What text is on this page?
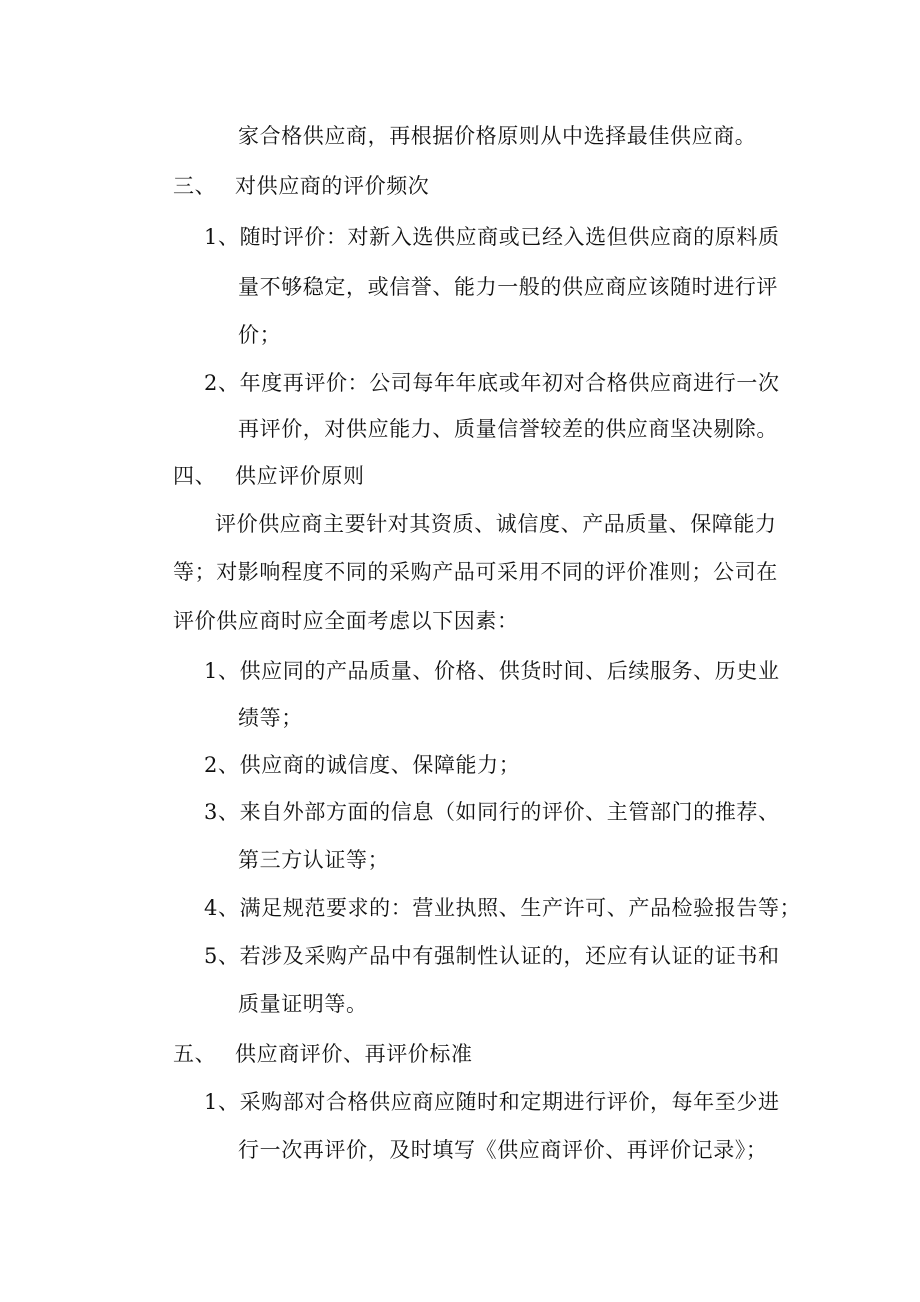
家合格供应商，再根据价格原则从中选择最佳供应商。
三、 对供应商的评价频次
1、随时评价：对新入选供应商或已经入选但供应商的原料质
量不够稳定，或信誉、能力一般的供应商应该随时进行评
价；
2、年度再评价：公司每年年底或年初对合格供应商进行一次
再评价，对供应能力、质量信誉较差的供应商坚决剔除。
四、 供应评价原则
评价供应商主要针对其资质、诚信度、产品质量、保障能力
等；对影响程度不同的采购产品可采用不同的评价准则；公司在
评价供应商时应全面考虑以下因素：
1、供应同的产品质量、价格、供货时间、后续服务、历史业
绩等；
2、供应商的诚信度、保障能力；
3、来自外部方面的信息（如同行的评价、主管部门的推荐、
第三方认证等；
4、满足规范要求的：营业执照、生产许可、产品检验报告等；
5、若涉及采购产品中有强制性认证的，还应有认证的证书和
质量证明等。
五、 供应商评价、再评价标准
1、采购部对合格供应商应随时和定期进行评价，每年至少进
行一次再评价，及时填写《供应商评价、再评价记录》；
